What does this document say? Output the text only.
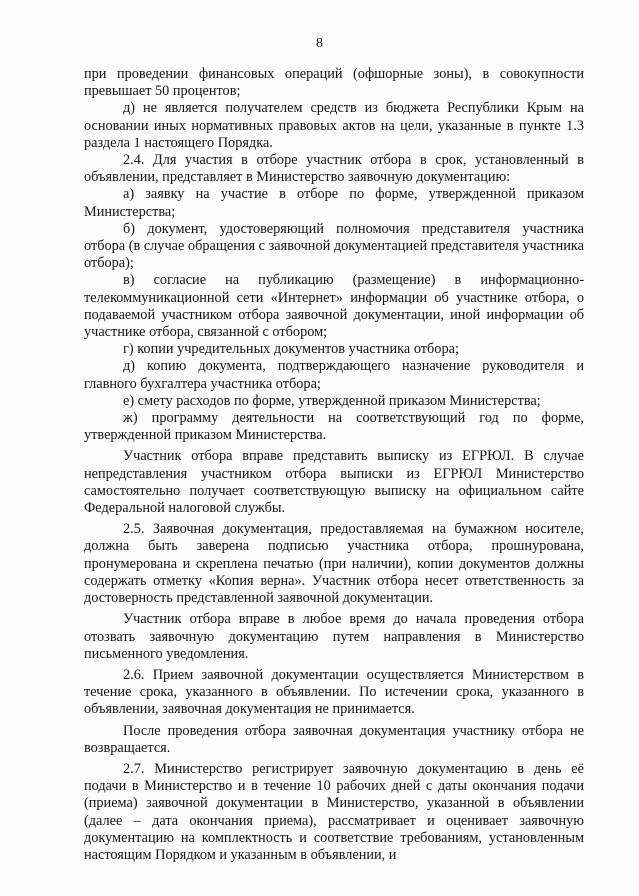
8

при проведении финансовых операций (офшорные зоны), в совокупности превышает 50 процентов;

д) не является получателем средств из бюджета Республики Крым на основании иных нормативных правовых актов на цели, указанные в пункте 1.3 раздела 1 настоящего Порядка.

2.4. Для участия в отборе участник отбора в срок, установленный в объявлении, представляет в Министерство заявочную документацию:

а) заявку на участие в отборе по форме, утвержденной приказом Министерства;

б) документ, удостоверяющий полномочия представителя участника отбора (в случае обращения с заявочной документацией представителя участника отбора);

в) согласие на публикацию (размещение) в информационно-телекоммуникационной сети «Интернет» информации об участнике отбора, о подаваемой участником отбора заявочной документации, иной информации об участнике отбора, связанной с отбором;

г) копии учредительных документов участника отбора;

д) копию документа, подтверждающего назначение руководителя и главного бухгалтера участника отбора;

е) смету расходов по форме, утвержденной приказом Министерства;

ж) программу деятельности на соответствующий год по форме, утвержденной приказом Министерства.

Участник отбора вправе представить выписку из ЕГРЮЛ. В случае непредставления участником отбора выписки из ЕГРЮЛ Министерство самостоятельно получает соответствующую выписку на официальном сайте Федеральной налоговой службы.

2.5. Заявочная документация, предоставляемая на бумажном носителе, должна быть заверена подписью участника отбора, прошнурована, пронумерована и скреплена печатью (при наличии), копии документов должны содержать отметку «Копия верна». Участник отбора несет ответственность за достоверность представленной заявочной документации.

Участник отбора вправе в любое время до начала проведения отбора отозвать заявочную документацию путем направления в Министерство письменного уведомления.

2.6. Прием заявочной документации осуществляется Министерством в течение срока, указанного в объявлении. По истечении срока, указанного в объявлении, заявочная документация не принимается.

После проведения отбора заявочная документация участнику отбора не возвращается.

2.7. Министерство регистрирует заявочную документацию в день её подачи в Министерство и в течение 10 рабочих дней с даты окончания подачи (приема) заявочной документации в Министерство, указанной в объявлении (далее – дата окончания приема), рассматривает и оценивает заявочную документацию на комплектность и соответствие требованиям, установленным настоящим Порядком и указанным в объявлении, и
